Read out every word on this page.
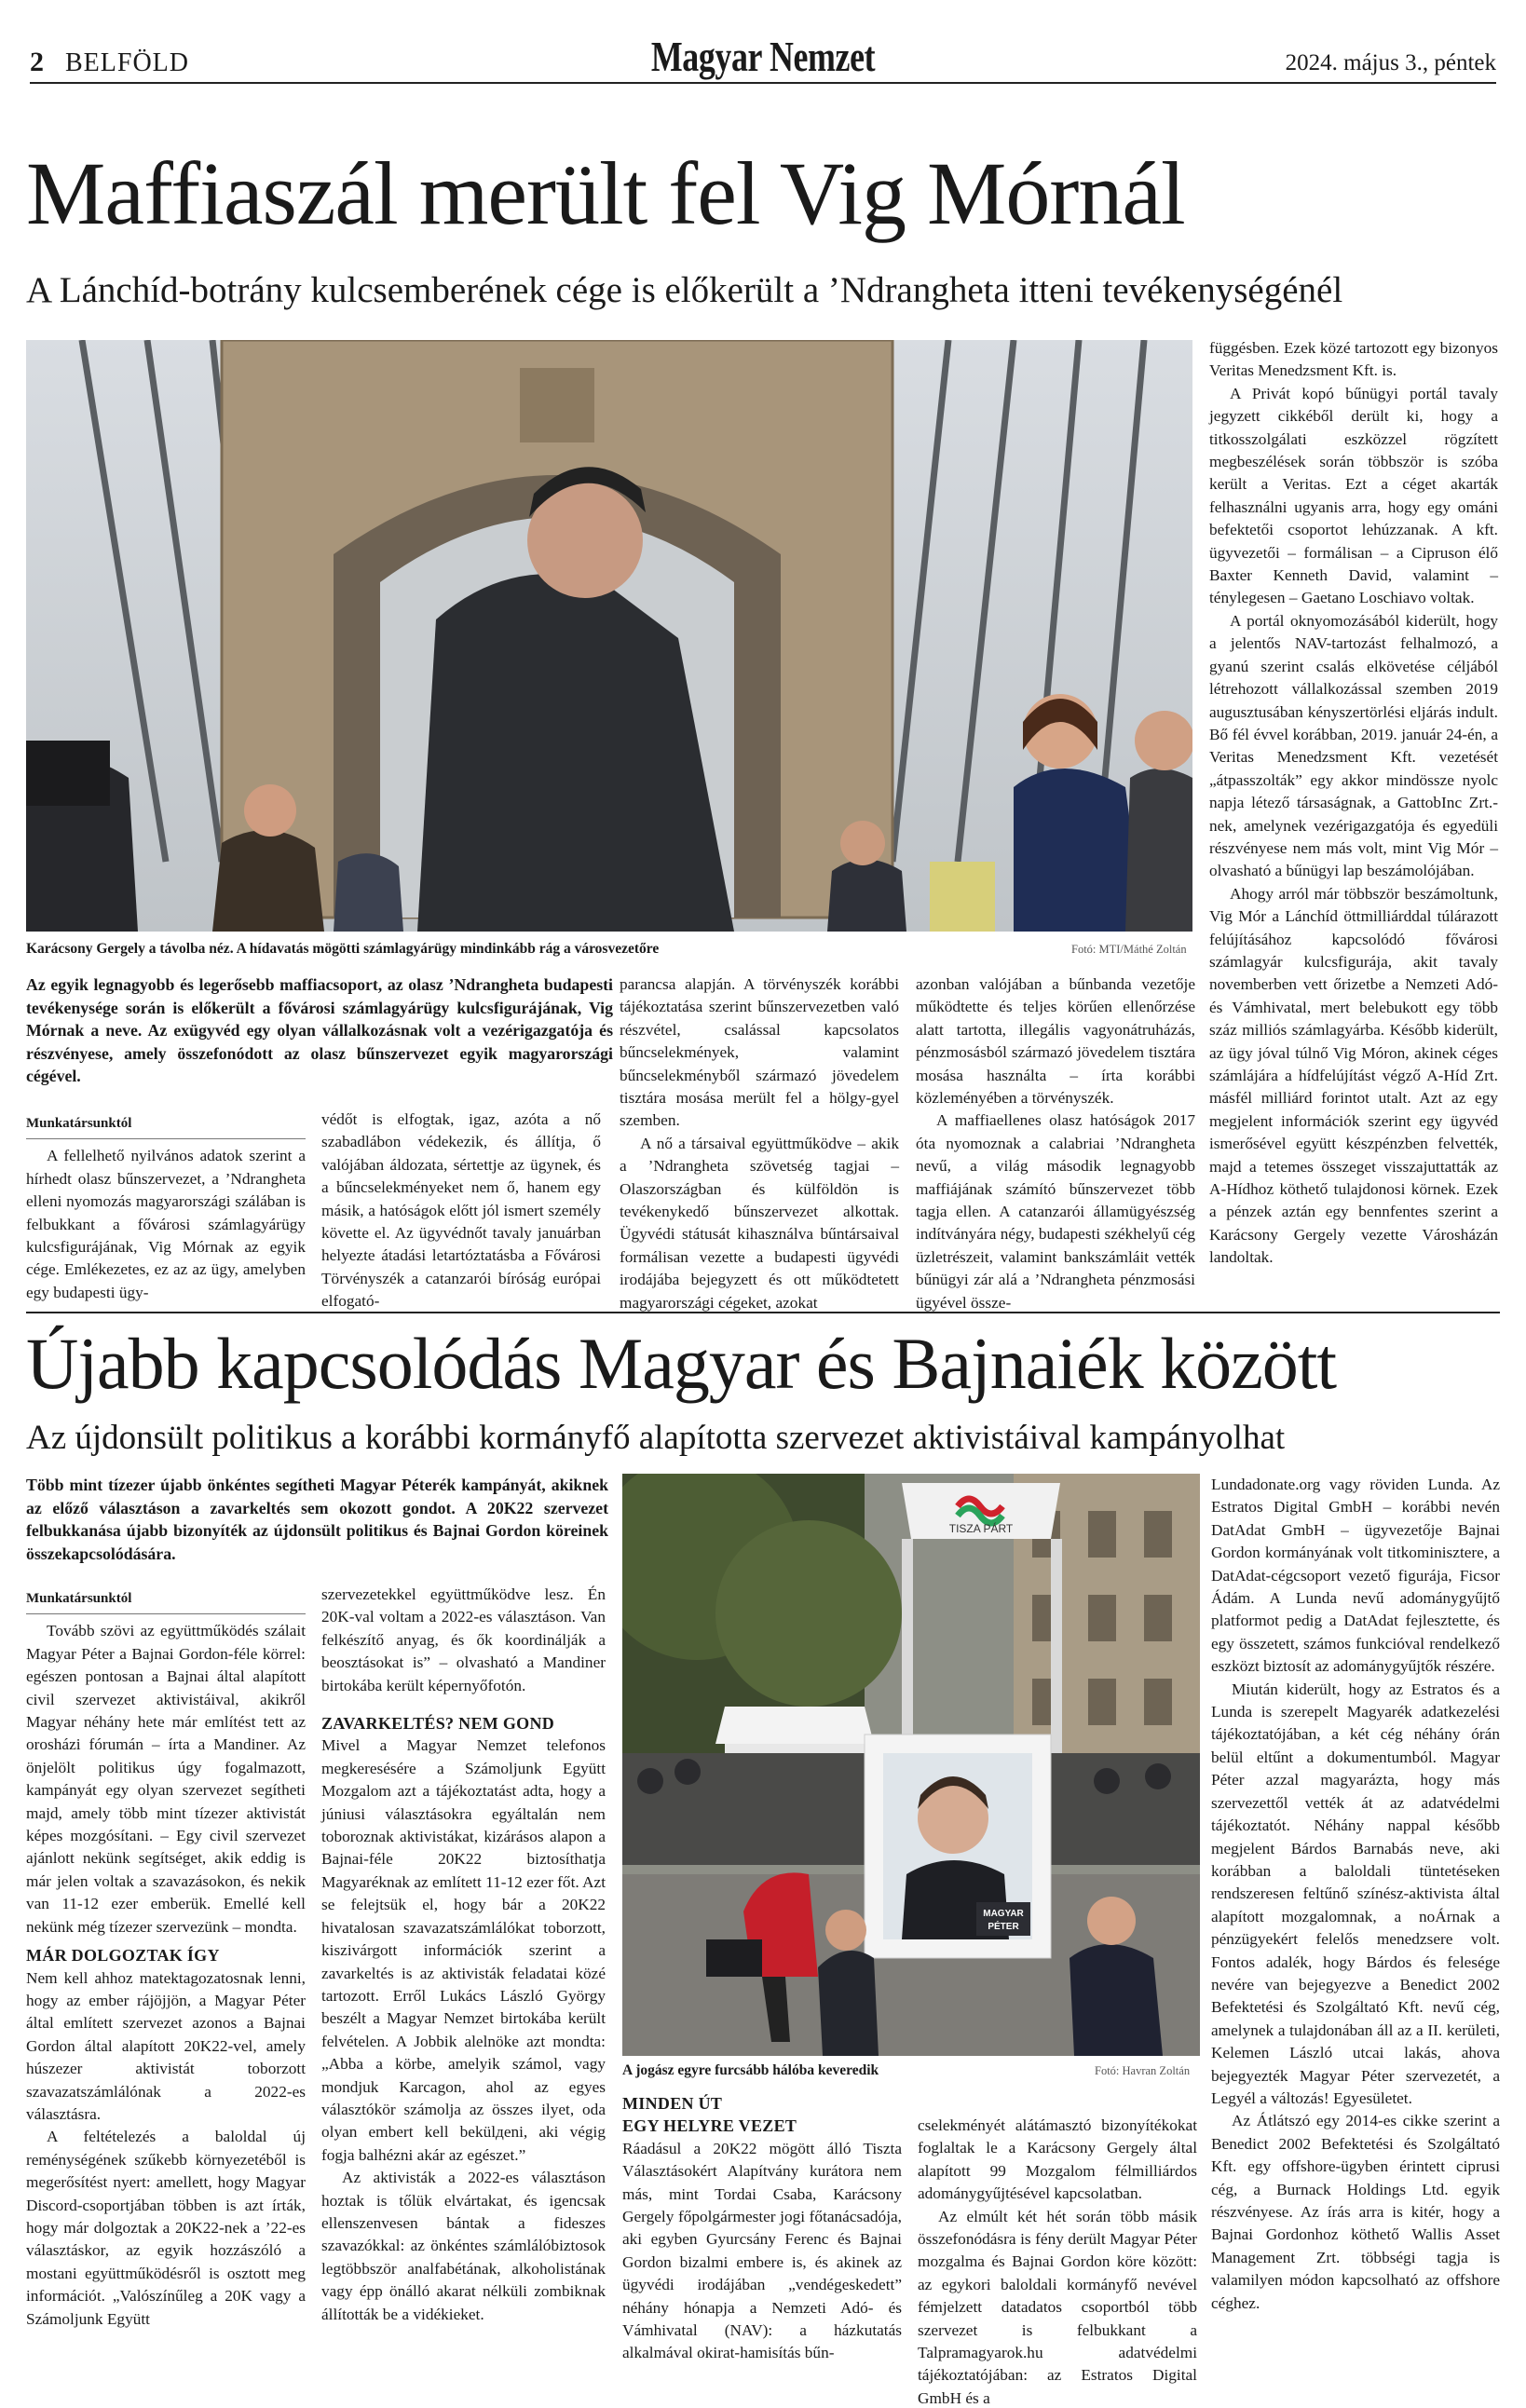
2 BELFÖLD	Magyar Nemzet	2024. május 3., péntek
Maffiaszál merült fel Vig Mórnál
A Lánchíd-botrány kulcsemberének cége is előkerült a ’Ndrangheta itteni tevékenységénél
Karácsony Gergely a távolba néz. A hídavatás mögötti számlagyárügy mindinkább rág a városvezetőre	Fotó: MTI/Máthé Zoltán
Az egyik legnagyobb és legerősebb maffiacsoport, az olasz ’Ndrangheta budapesti tevékenysége során is előkerült a fővárosi számlagyárügy kulcsfigurájának, Vig Mórnak a neve. Az exügyvéd egy olyan vállalkozásnak volt a vezérigazgatója és részvényese, amely összefonódott az olasz bűnszervezet egyik magyarországi cégével.
Munkatársunktól

A fellelhető nyilvános adatok szerint a hírhedt olasz bűnszervezet, a ’Ndrangheta elleni nyomozás magyarországi szálában is felbukkant a fővárosi számlagyárügy kulcsfigurájának, Vig Mórnak az egyik cége. Emlékezetes, ez az az ügy, amelyben egy budapesti ügy-

védőt is elfogtak, igaz, azóta a nő szabadlábon védekezik, és állítja, ő valójában áldozata, sértettje az ügynek, és a bűncselekményeket nem ő, hanem egy másik, a hatóságok előtt jól ismert személy követte el. Az ügyvédnőt tavaly januárban helyezte átadási letartóztatásba a Fővárosi Törvényszék a catanzarói bíróság európai elfogató-

parancsa alapján. A törvényszék korábbi tájékoztatása szerint bűnszervezetben való részvétel, csalással kapcsolatos bűncselekmények, valamint bűncselekményből származó jövedelem tisztára mosása merült fel a hölgy-gyel szemben.

A nő a társaival együttműködve – akik a ’Ndrangheta szövetség tagjai – Olaszországban és külföldön is tevékenykedő bűnszervezet alkottak. Ügyvédi státusát kihasználva bűntársaival formálisan vezette a budapesti ügyvédi irodájába bejegyzett és ott működtetett magyarországi cégeket, azokat

azonban valójában a bűnbanda vezetője működtette és teljes körűen ellenőrzése alatt tartotta, illegális vagyonátruházás, pénzmosásból származó jövedelem tisztára mosása használta – írta korábbi közleményében a törvényszék.

A maffiaellenes olasz hatóságok 2017 óta nyomoznak a calabriai ’Ndrangheta nevű, a világ második legnagyobb maffiájának számító bűnszervezet több tagja ellen. A catanzarói államügyészség indítványára négy, budapesti székhelyű cég üzletrészeit, valamint bankszámláit vették bűnügyi zár alá a ’Ndrangheta pénzmosási ügyével össze-

függésben. Ezek közé tartozott egy bizonyos Veritas Menedzsment Kft. is.

A Privát kopó bűnügyi portál tavaly jegyzett cikkéből derült ki, hogy a titkosszolgálati eszközzel rögzített megbeszélések során többször is szóba került a Veritas. Ezt a céget akarták felhasználni ugyanis arra, hogy egy ománi befektetői csoportot lehúzzanak. A kft. ügyvezetői – formálisan – a Cipruson élő Baxter Kenneth David, valamint – ténylegesen – Gaetano Loschiavo voltak.

A portál oknyomozásából kiderült, hogy a jelentős NAV-tartozást felhalmozó, a gyanú szerint csalás elkövetése céljából létrehozott vállalkozással szemben 2019 augusztusában kényszertörlési eljárás indult. Bő fél évvel korábban, 2019. január 24-én, a Veritas Menedzsment Kft. vezetését „átpasszolták” egy akkor mindössze nyolc napja létező társaságnak, a GattobInc Zrt.-nek, amelynek vezérigazgatója és egyedüli részvényese nem más volt, mint Vig Mór – olvasható a bűnügyi lap beszámolójában.

Ahogy arról már többször beszámoltunk, Vig Mór a Lánchíd öttmilliárddal túlárazott felújításához kapcsolódó fővárosi számlagyár kulcsfigurája, akit tavaly novemberben vett őrizetbe a Nemzeti Adó- és Vámhivatal, mert belebukott egy több száz milliós számlagyárba. Később kiderült, az ügy jóval túlnő Vig Móron, akinek céges számlájára a hídfelújítást végző A-Híd Zrt. másfél milliárd forintot utalt. Azt az egy megjelent információk szerint egy ügyvéd ismerősével együtt készpénzben felvették, majd a tetemes összeget visszajuttatták az A-Hídhoz köthető tulajdonosi körnek. Ezek a pénzek aztán egy bennfentes szerint a Karácsony Gergely vezette Városházán landoltak.

Újabb kapcsolódás Magyar és Bajnaiék között
Az újdonsült politikus a korábbi kormányfő alapította szervezet aktivistáival kampányolhat
Több mint tízezer újabb önkéntes segítheti Magyar Péterék kampányát, akiknek az előző választáson a zavarkeltés sem okozott gondot. A 20K22 szervezet felbukkanása újabb bizonyíték az újdonsült politikus és Bajnai Gordon köreinek összekapcsolódására.
TISZA PÁRT
MAGYAR
PÉTER
A jogász egyre furcsább hálóba keveredik	Fotó: Havran Zoltán
Munkatársunktól

Tovább szövi az együttműködés szálait Magyar Péter a Bajnai Gordon-féle körrel: egészen pontosan a Bajnai által alapított civil szervezet aktivistáival, akikről Magyar néhány hete már említést tett az orosházi fórumán – írta a Mandiner. Az önjelölt politikus úgy fogalmazott, kampányát egy olyan szervezet segítheti majd, amely több mint tízezer aktivistát képes mozgósítani. – Egy civil szervezet ajánlott nekünk segítséget, akik eddig is már jelen voltak a szavazásokon, és nekik van 11-12 ezer emberük. Emellé kell nekünk még tízezer szervezünk – mondta.

MÁR DOLGOZTAK ÍGY

Nem kell ahhoz matektagozatosnak lenni, hogy az ember rájöjjön, a Magyar Péter által említett szervezet azonos a Bajnai Gordon által alapított 20K22-vel, amely húszezer aktivistát toborzott szavazatszámlálónak a 2022-es választásra.

A feltételezés a baloldal új reménységének szűkebb környezetéből is megerősítést nyert: amellett, hogy Magyar Discord-csoportjában többen is azt írták, hogy már dolgoztak a 20K22-nek a ’22-es választáskor, az egyik hozzászóló a mostani együttműködésről is osztott meg információt. „Valószínűleg a 20K vagy a Számoljunk Együtt

szervezetekkel együttműködve lesz. Én 20K-val voltam a 2022-es választáson. Van felkészítő anyag, és ők koordinálják a beosztásokat is” – olvasható a Mandiner birtokába került képernyőfotón.

ZAVARKELTÉS? NEM GOND

Mivel a Magyar Nemzet telefonos megkeresésére a Számoljunk Együtt Mozgalom azt a tájékoztatást adta, hogy a júniusi választásokra egyáltalán nem toboroznak aktivistákat, kizárásos alapon a Bajnai-féle 20K22 biztosíthatja Magyaréknak az említett 11-12 ezer főt. Azt se felejtsük el, hogy bár a 20K22 hivatalosan szavazatszámlálókat toborzott, kiszivárgott információk szerint a zavarkeltés is az aktivisták feladatai közé tartozott. Erről Lukács László György beszélt a Magyar Nemzet birtokába került felvételen. A Jobbik alelnöke azt mondta: „Abba a körbe, amelyik számol, vagy mondjuk Karcagon, ahol az egyes választókör számolja az összes ilyet, oda olyan embert kell bekülдeni, aki végig fogja balhézni akár az egészet.”

Az aktivisták a 2022-es választáson hoztak is tőlük elvártakat, és igencsak ellenszenvesen bántak a fideszes szavazókkal: az önkéntes számlálóbiztosok legtöbbször analfabétának, alkoholistának vagy épp önálló akarat nélküli zombiknak állították be a vidékieket.

MINDEN ÚT

EGY HELYRE VEZET

Ráadásul a 20K22 mögött álló Tiszta Választásokért Alapítvány kurátora nem más, mint Tordai Csaba, Karácsony Gergely főpolgármester jogi főtanácsadója, aki egyben Gyurcsány Ferenc és Bajnai Gordon bizalmi embere is, és akinek az ügyvédi irodájában „vendégeskedett” néhány hónapja a Nemzeti Adó- és Vámhivatal (NAV): a házkutatás alkalmával okirat-hamisítás bűn-

cselekményét alátámasztó bizonyítékokat foglaltak le a Karácsony Gergely által alapított 99 Mozgalom félmilliárdos adománygyűjtésével kapcsolatban.

Az elmúlt két hét során több másik összefonódásra is fény derült Magyar Péter mozgalma és Bajnai Gordon köre között: az egykori baloldali kormányfő nevével fémjelzett datadatos csoportból több szervezet is felbukkant a Talpramagyarok.hu adatvédelmi tájékoztatójában: az Estratos Digital GmbH és a

Lundadonate.org vagy röviden Lunda. Az Estratos Digital GmbH – korábbi nevén DatAdat GmbH – ügyvezetője Bajnai Gordon kormányának volt titkominisztere, a DatAdat-cégcsoport vezető figurája, Ficsor Ádám. A Lunda nevű adománygyűjtő platformot pedig a DatAdat fejlesztette, és egy összetett, számos funkcióval rendelkező eszközt biztosít az adománygyűjtők részére.

Miután kiderült, hogy az Estratos és a Lunda is szerepelt Magyarék adatkezelési tájékoztatójában, a két cég néhány órán belül eltűnt a dokumentumból. Magyar Péter azzal magyarázta, hogy más szervezettől vették át az adatvédelmi tájékoztatót. Néhány nappal később megjelent Bárdos Barnabás neve, aki korábban a baloldali tüntetéseken rendszeresen feltűnő színész-aktivista által alapított mozgalomnak, a noÁrnak a pénzügyekért felelős menedzsere volt. Fontos adalék, hogy Bárdos és felesége nevére van bejegyezve a Benedict 2002 Befektetési és Szolgáltató Kft. nevű cég, amelynek a tulajdonában áll az a II. kerületi, Kelemen László utcai lakás, ahova bejegyezték Magyar Péter szervezetét, a Legyél a változás! Egyesületet.

Az Átlátszó egy 2014-es cikke szerint a Benedict 2002 Befektetési és Szolgáltató Kft. egy offshore-ügyben érintett ciprusi cég, a Burnack Holdings Ltd. egyik részvényese. Az írás arra is kitér, hogy a Bajnai Gordonhoz köthető Wallis Asset Management Zrt. többségi tagja is valamilyen módon kapcsolható az offshore céghez.
